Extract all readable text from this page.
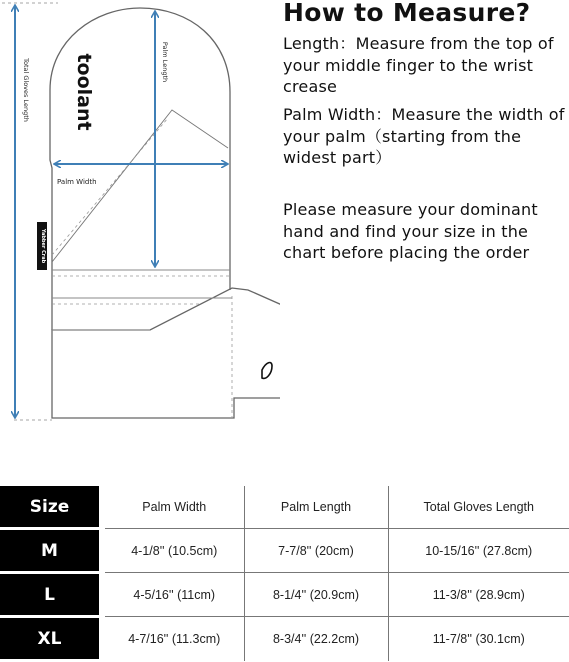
Yabber Crab
toolant
Total Gloves Length	Palm Length
Palm Width
How to Measure?
Length：Measure from the top of your middle finger to the wrist crease
Palm Width：Measure the width of your palm（starting from the widest part）
Please measure your dominant hand and find your size in the chart before placing the order
Size	Palm Width	Palm Length	Total Gloves Length
M	4-1/8'' (10.5cm)	7-7/8'' (20cm)	10-15/16'' (27.8cm)
L	4-5/16'' (11cm)	8-1/4'' (20.9cm)	11-3/8'' (28.9cm)
XL	4-7/16'' (11.3cm)	8-3/4'' (22.2cm)	11-7/8'' (30.1cm)
